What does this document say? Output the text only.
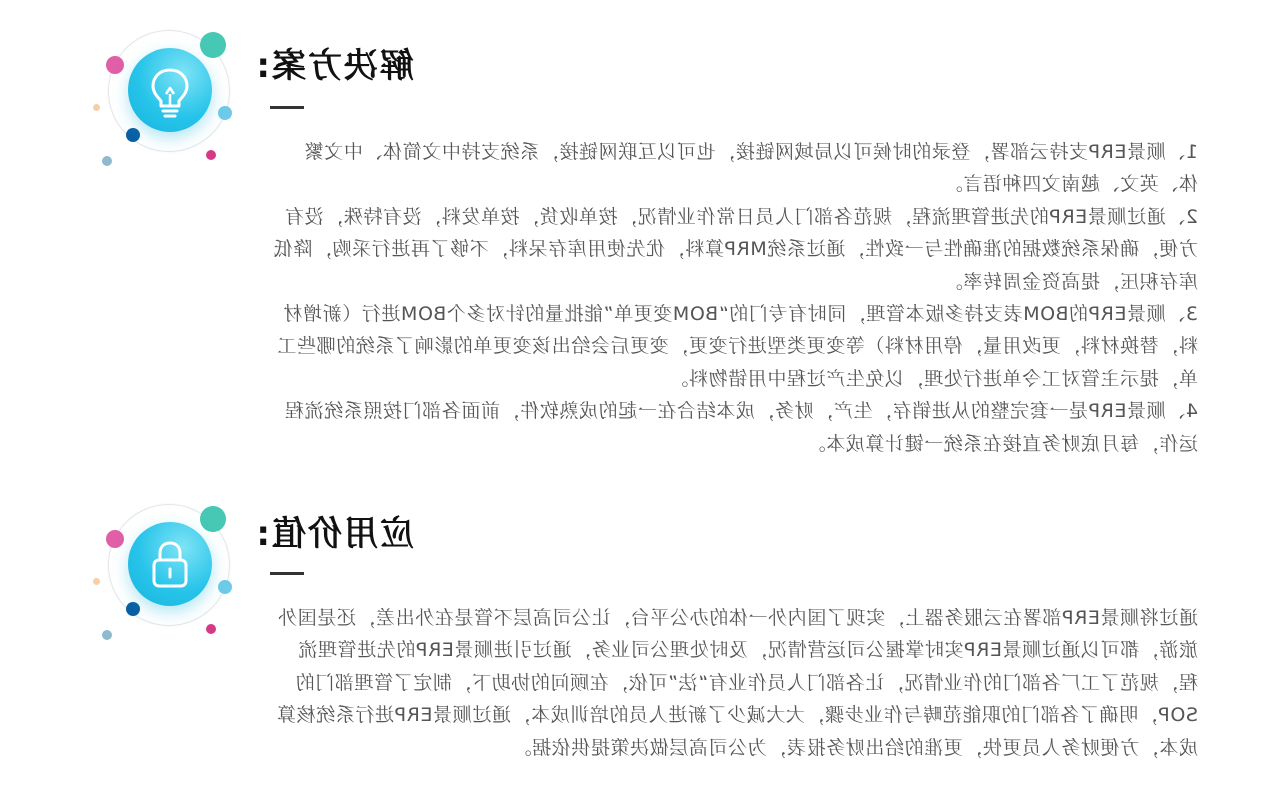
解决方案:

1、顺景ERP支持云部署，登录的时候可以局域网链接，也可以互联网链接，系统支持中文简体、中文繁体、英文、越南文四种语言。

2、通过顺景ERP的先进管理流程，规范各部门人员日常作业情况，按单收货，按单发料，没有特殊，没有方便，确保系统数据的准确性与一致性，通过系统MRP算料，优先使用库存呆料，不够了再进行采购，降低库存积压，提高资金周转率。

3、顺景ERP的BOM表支持多版本管理，同时有专门的“BOM变更单”能批量的针对多个BOM进行（新增材料，替换材料，更改用量，停用材料）等变更类型进行变更，变更后会给出该变更单的影响了系统的哪些工单，提示主管对工令单进行处理，以免生产过程中用错物料。

4、顺景ERP是一套完整的从进销存，生产，财务，成本结合在一起的成熟软件，前面各部门按照系统流程运作，每月底财务直接在系统一键计算成本。

应用价值:

通过将顺景ERP部署在云服务器上，实现了国内外一体的办公平台，让公司高层不管是在外出差，还是国外旅游，都可以通过顺景ERP实时掌握公司运营情况，及时处理公司业务，通过引进顺景ERP的先进管理流程，规范了工厂各部门的作业情况，让各部门人员作业有“法”可依，在顾问的协助下，制定了管理部门的SOP，明确了各部门的职能范畴与作业步骤，大大减少了新进人员的培训成本，通过顺景ERP进行系统核算成本，方便财务人员更快，更准的给出财务报表，为公司高层做决策提供依据。
